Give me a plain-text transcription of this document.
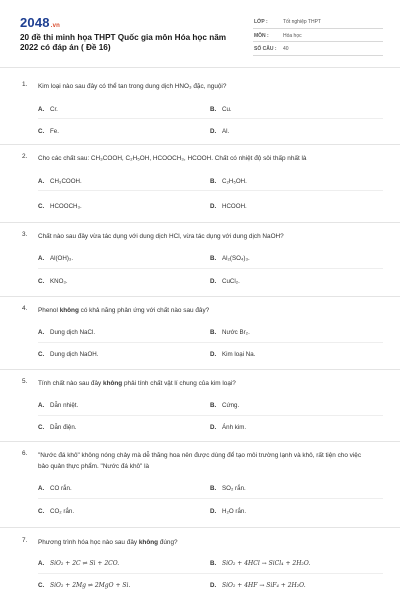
2048.vn
20 đề thi minh họa THPT Quốc gia môn Hóa học năm 2022 có đáp án ( Đề 16)
LỚP :	Tốt nghiệp THPT
MÔN :	Hóa học
SỐ CÂU : 40
1. Kim loại nào sau đây có thể tan trong dung dịch HNO₃ đặc, nguội?
A. Cr.	B. Cu.
C. Fe.	D. Al.
2. Cho các chất sau: CH₃COOH, C₂H₅OH, HCOOCH₃, HCOOH. Chất có nhiệt độ sôi thấp nhất là
A. CH₃COOH.	B. C₂H₅OH.
C. HCOOCH₃.	D. HCOOH.
3. Chất nào sau đây vừa tác dụng với dung dịch HCl, vừa tác dụng với dung dịch NaOH?
A. Al(OH)₃.	B. Al₂(SO₄)₃.
C. KNO₃.	D. CuCl₂.
4. Phenol không có khả năng phản ứng với chất nào sau đây?
A. Dung dịch NaCl.	B. Nước Br₂.
C. Dung dịch NaOH.	D. Kim loại Na.
5. Tính chất nào sau đây không phải tính chất vật lí chung của kim loại?
A. Dẫn nhiệt.	B. Cứng.
C. Dẫn điện.	D. Ánh kim.
6. "Nước đá khô" không nóng chảy mà dễ thăng hoa nên được dùng để tạo môi trường lạnh và khô, rất tiện cho việc bảo quản thực phẩm. "Nước đá khô" là
A. CO rắn.	B. SO₂ rắn.
C. CO₂ rắn.	D. H₂O rắn.
7. Phương trình hóa học nào sau đây không đúng?
A. SiO₂ + 2C ⇌ Si + 2CO.	B. SiO₂ + 4HCl → SiCl₄ + 2H₂O.
C. SiO₂ + 2Mg ⇌ 2MgO + Si.	D. SiO₂ + 4HF → SiF₄ + 2H₂O.
